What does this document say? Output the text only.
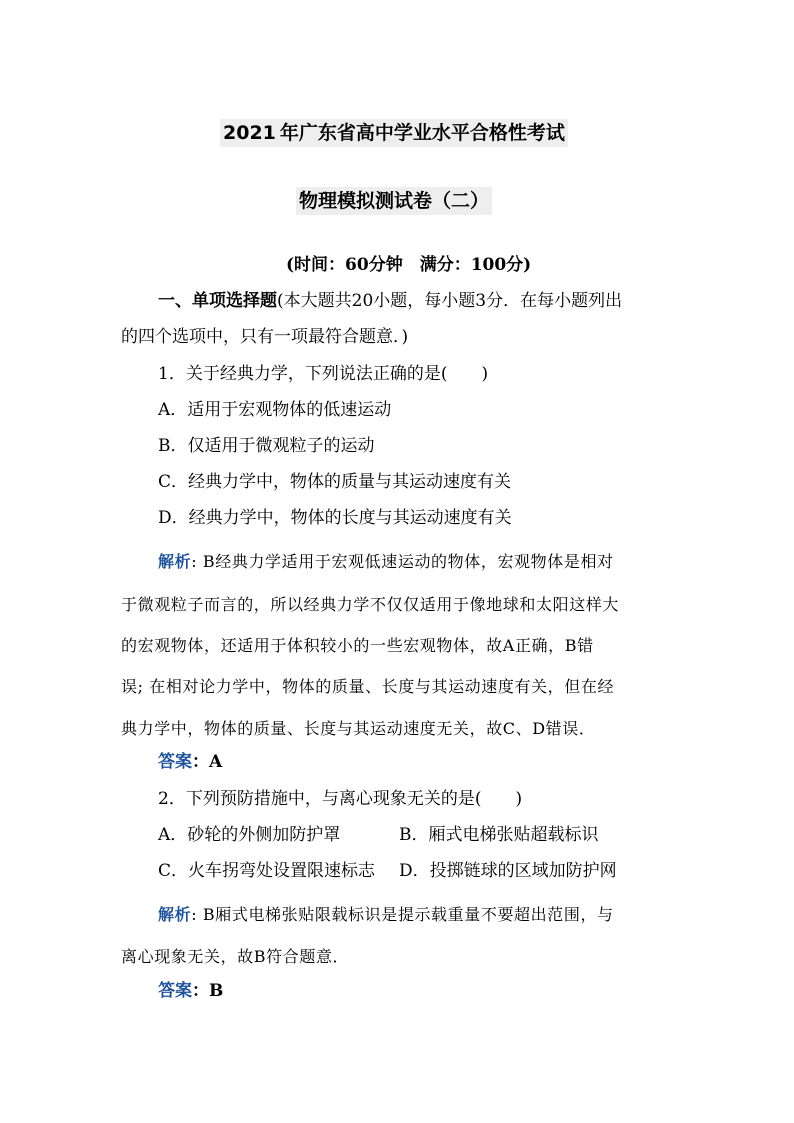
2021 年广东省高中学业水平合格性考试
物理模拟测试卷（二）
(时间：60分钟　满分：100分)
一、单项选择题(本大题共20小题，每小题3分．在每小题列出
的四个选项中，只有一项最符合题意．)
1．关于经典力学，下列说法正确的是(　　)
A．适用于宏观物体的低速运动
B．仅适用于微观粒子的运动
C．经典力学中，物体的质量与其运动速度有关
D．经典力学中，物体的长度与其运动速度有关
解析: B经典力学适用于宏观低速运动的物体，宏观物体是相对
于微观粒子而言的，所以经典力学不仅仅适用于像地球和太阳这样大
的宏观物体，还适用于体积较小的一些宏观物体，故A正确，B错
误; 在相对论力学中，物体的质量、长度与其运动速度有关，但在经
典力学中，物体的质量、长度与其运动速度无关，故C、D错误．
答案：A
2．下列预防措施中，与离心现象无关的是(　　)
A．砂轮的外侧加防护罩	B．厢式电梯张贴超载标识
C．火车拐弯处设置限速标志 D．投掷链球的区域加防护网
解析: B厢式电梯张贴限载标识是提示载重量不要超出范围，与
离心现象无关，故B符合题意．
答案：B
